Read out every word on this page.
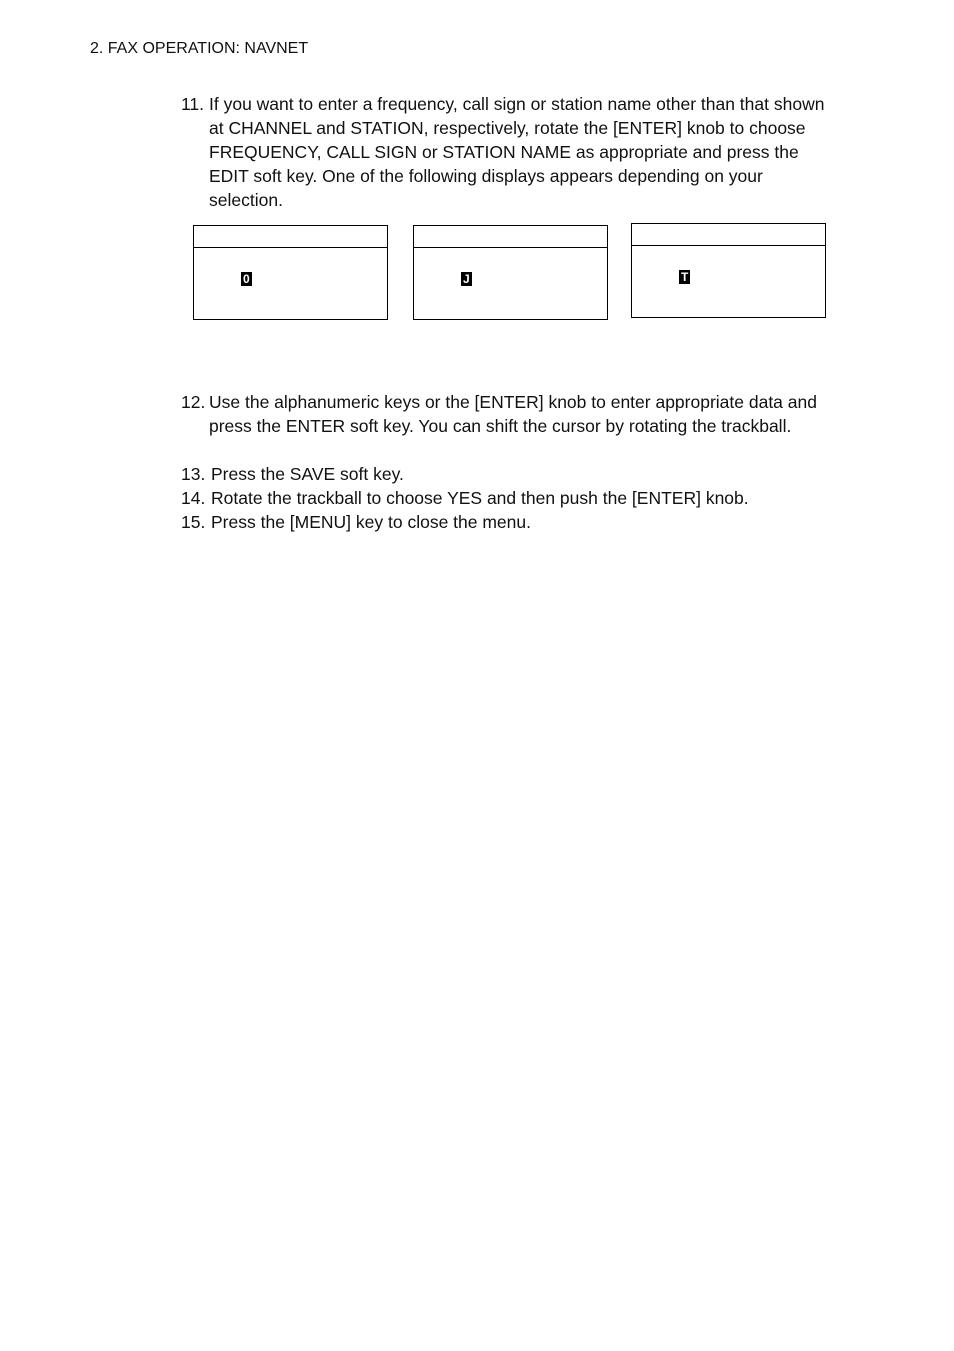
2. FAX OPERATION: NAVNET

11. If you want to enter a frequency, call sign or station name other than that shown at CHANNEL and STATION, respectively, rotate the [ENTER] knob to choose FREQUENCY, CALL SIGN or STATION NAME as appropriate and press the EDIT soft key. One of the following displays appears depending on your selection.
0	J	T
12. Use the alphanumeric keys or the [ENTER] knob to enter appropriate data and press the ENTER soft key. You can shift the cursor by rotating the trackball.
13. Press the SAVE soft key.
14. Rotate the trackball to choose YES and then push the [ENTER] knob.
15. Press the [MENU] key to close the menu.
